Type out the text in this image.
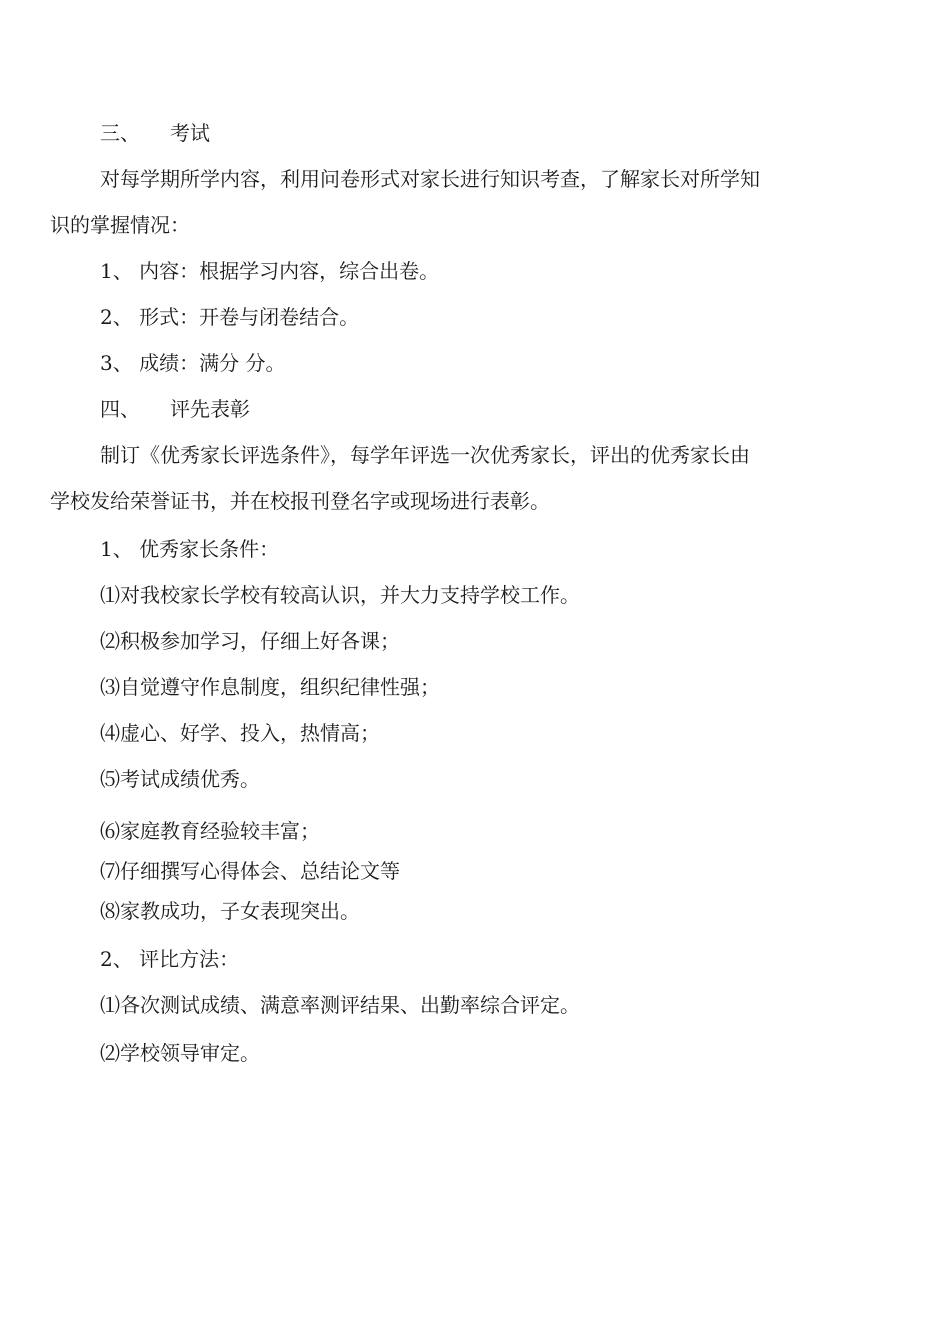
三、 考试
对每学期所学内容，利用问卷形式对家长进行知识考查，了解家长对所学知
识的掌握情况：
1、 内容：根据学习内容，综合出卷。
2、 形式：开卷与闭卷结合。
3、 成绩：满分 分。
四、 评先表彰
制订《优秀家长评选条件》，每学年评选一次优秀家长，评出的优秀家长由
学校发给荣誉证书，并在校报刊登名字或现场进行表彰。
1、 优秀家长条件：
⑴对我校家长学校有较高认识，并大力支持学校工作。
⑵积极参加学习，仔细上好各课；
⑶自觉遵守作息制度，组织纪律性强；
⑷虚心、好学、投入，热情高；
⑸考试成绩优秀。
⑹家庭教育经验较丰富；
⑺仔细撰写心得体会、总结论文等
⑻家教成功，子女表现突出。
2、 评比方法：
⑴各次测试成绩、满意率测评结果、出勤率综合评定。
⑵学校领导审定。
